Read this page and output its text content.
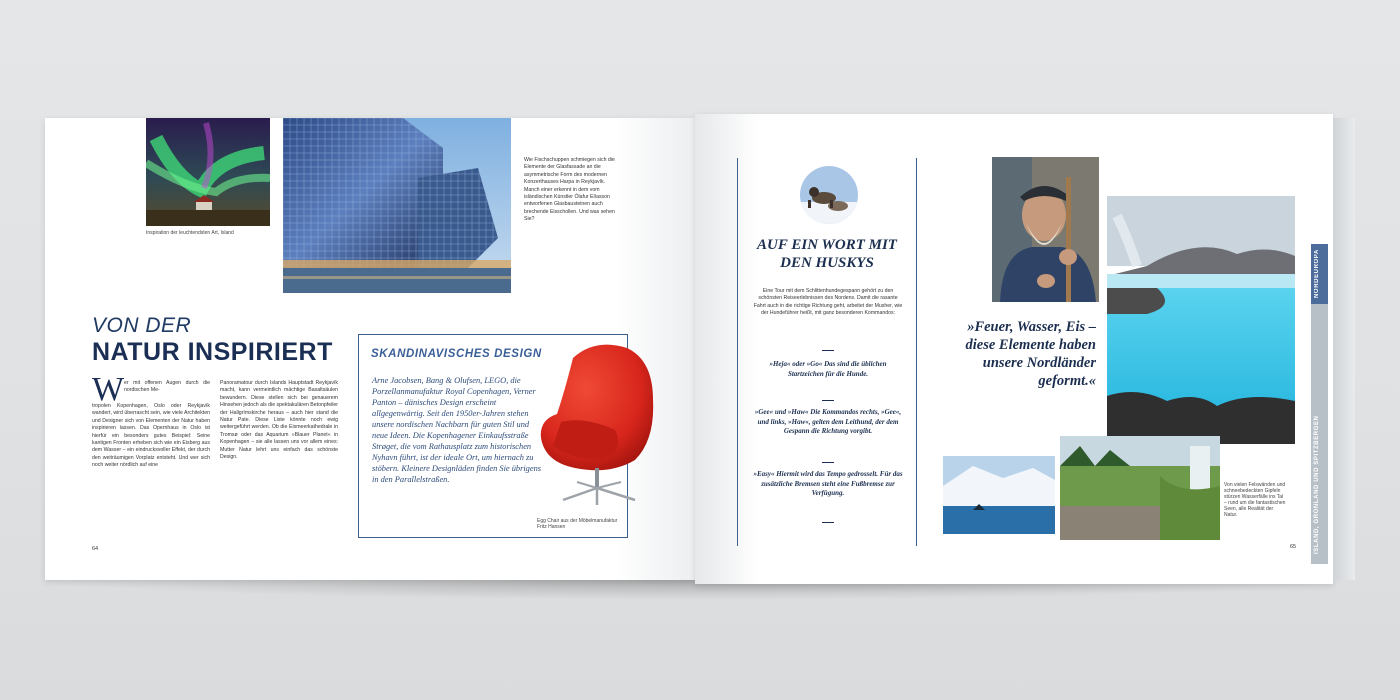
Inspiration der leuchtendsten Art, Island
Wie Fischschuppen schmiegen sich die Elemente der Glasfassade an die asymmetrische Form des modernen Konzerthauses Harpa in Reykjavík. Manch einer erkennt in dem vom isländischen Künstler Ólafur Elíasson entworfenen Glasbausteinen auch brechende Eisschollen. Und was sehen Sie?
VON DER
NATUR INSPIRIERT
W er mit offenen Augen durch die nordischen Me-
tropolen Kopenhagen, Oslo oder Reykjavík wandert, wird überrascht sein, wie viele Architekten und Designer sich von Elementen der Natur haben inspirieren lassen. Das Opernhaus in Oslo ist hierfür ein besonders gutes Beispiel: Seine kantigen Fronten erheben sich wie ein Eisberg aus dem Wasser – ein eindrucksvoller Effekt, der durch den weiträumigen Vorplatz entsteht. Und wer sich noch weiter nördlich auf eine
Panoramatour durch Islands Hauptstadt Reykjavík macht, kann vermeintlich mächtige Basaltsäulen bewundern. Diese stellen sich bei genauerem Hinsehen jedoch als die spektakulären Betonpfeiler der Hallgrímskirche heraus – auch hier stand die Natur Pate. Diese Liste könnte noch ewig weitergeführt werden. Ob die Eismeerkathedrale in Tromsø oder das Aquarium »Blauer Planet« in Kopenhagen – sie alle lassen uns vor allem eines: Mutter Natur lehrt uns einfach das schönste Design.
SKANDINAVISCHES DESIGN
Arne Jacobsen, Bang & Olufsen, LEGO, die Porzellanmanufaktur Royal Copenhagen, Verner Panton – dänisches Design erscheint allgegenwärtig. Seit den 1950er-Jahren stehen unsere nordischen Nachbarn für guten Stil und neue Ideen. Die Kopenhagener Einkaufsstraße Strøget, die vom Rathausplatz zum historischen Nyhavn führt, ist der ideale Ort, um hiernach zu stöbern. Kleinere Designläden finden Sie übrigens in den Parallelstraßen.
Egg Chair aus der Möbelmanufaktur Fritz Hansen
64
AUF EIN WORT MIT DEN HUSKYS
Eine Tour mit dem Schlittenhundegespann gehört zu den schönsten Reiseerlebnissen des Nordens. Damit die rasante Fahrt auch in die richtige Richtung geht, arbeitet der Musher, wie der Hundeführer heißt, mit ganz besonderen Kommandos:
»Heja« oder »Go« Das sind die üblichen Startzeichen für die Hunde.
»Gee« und »Haw« Die Kommandos rechts, »Gee«, und links, »Haw«, gelten dem Leithund, der dem Gespann die Richtung vorgibt.
»Easy« Hiermit wird das Tempo gedrosselt. Für das zusätzliche Bremsen steht eine Fußbremse zur Verfügung.
»Feuer, Wasser, Eis – diese Elemente haben unsere Nordländer geformt.«
Von vielen Felswänden und schneebedeckten Gipfeln stürzen Wasserfälle ins Tal – rund um die fantastischen Seen, alle Realität der Natur.
NORDEUROPA
ISLAND, GRÖNLAND UND SPITZBERGEN
65
